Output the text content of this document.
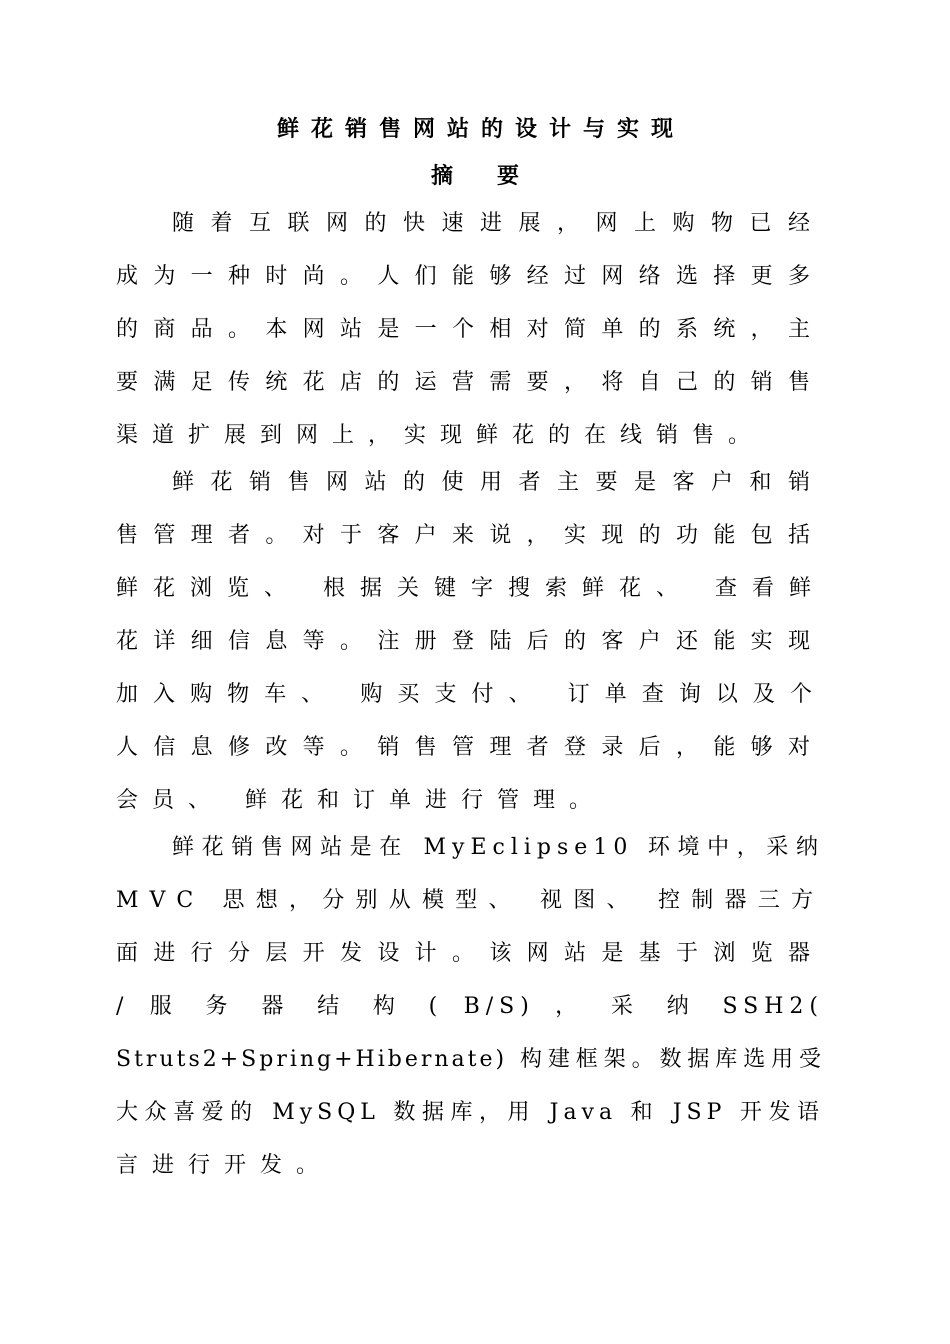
鲜花销售网站的设计与实现
摘要
随着互联网的快速进展，网上购物已经
成为一种时尚。人们能够经过网络选择更多
的商品。本网站是一个相对简单的系统，主
要满足传统花店的运营需要，将自己的销售
渠道扩展到网上，实现鲜花的在线销售。
鲜花销售网站的使用者主要是客户和销
售管理者。对于客户来说，实现的功能包括
鲜花浏览、 根据关键字搜索鲜花、 查看鲜
花详细信息等。注册登陆后的客户还能实现
加入购物车、 购买支付、 订单查询以及个
人信息修改等。销售管理者登录后，能够对
会员、 鲜花和订单进行管理。
鲜花销售网站是在 MyEclipse10 环境中，采纳
MVC 思想，分别从模型、 视图、 控制器三方
面进行分层开发设计。该网站是基于浏览器
/ 服 务 器 结 构 ( B/S) ， 采 纳 SSH2(
Struts2+Spring+Hibernate) 构建框架。数据库选用受
大众喜爱的 MySQL 数据库，用 Java 和 JSP 开发语
言进行开发。
